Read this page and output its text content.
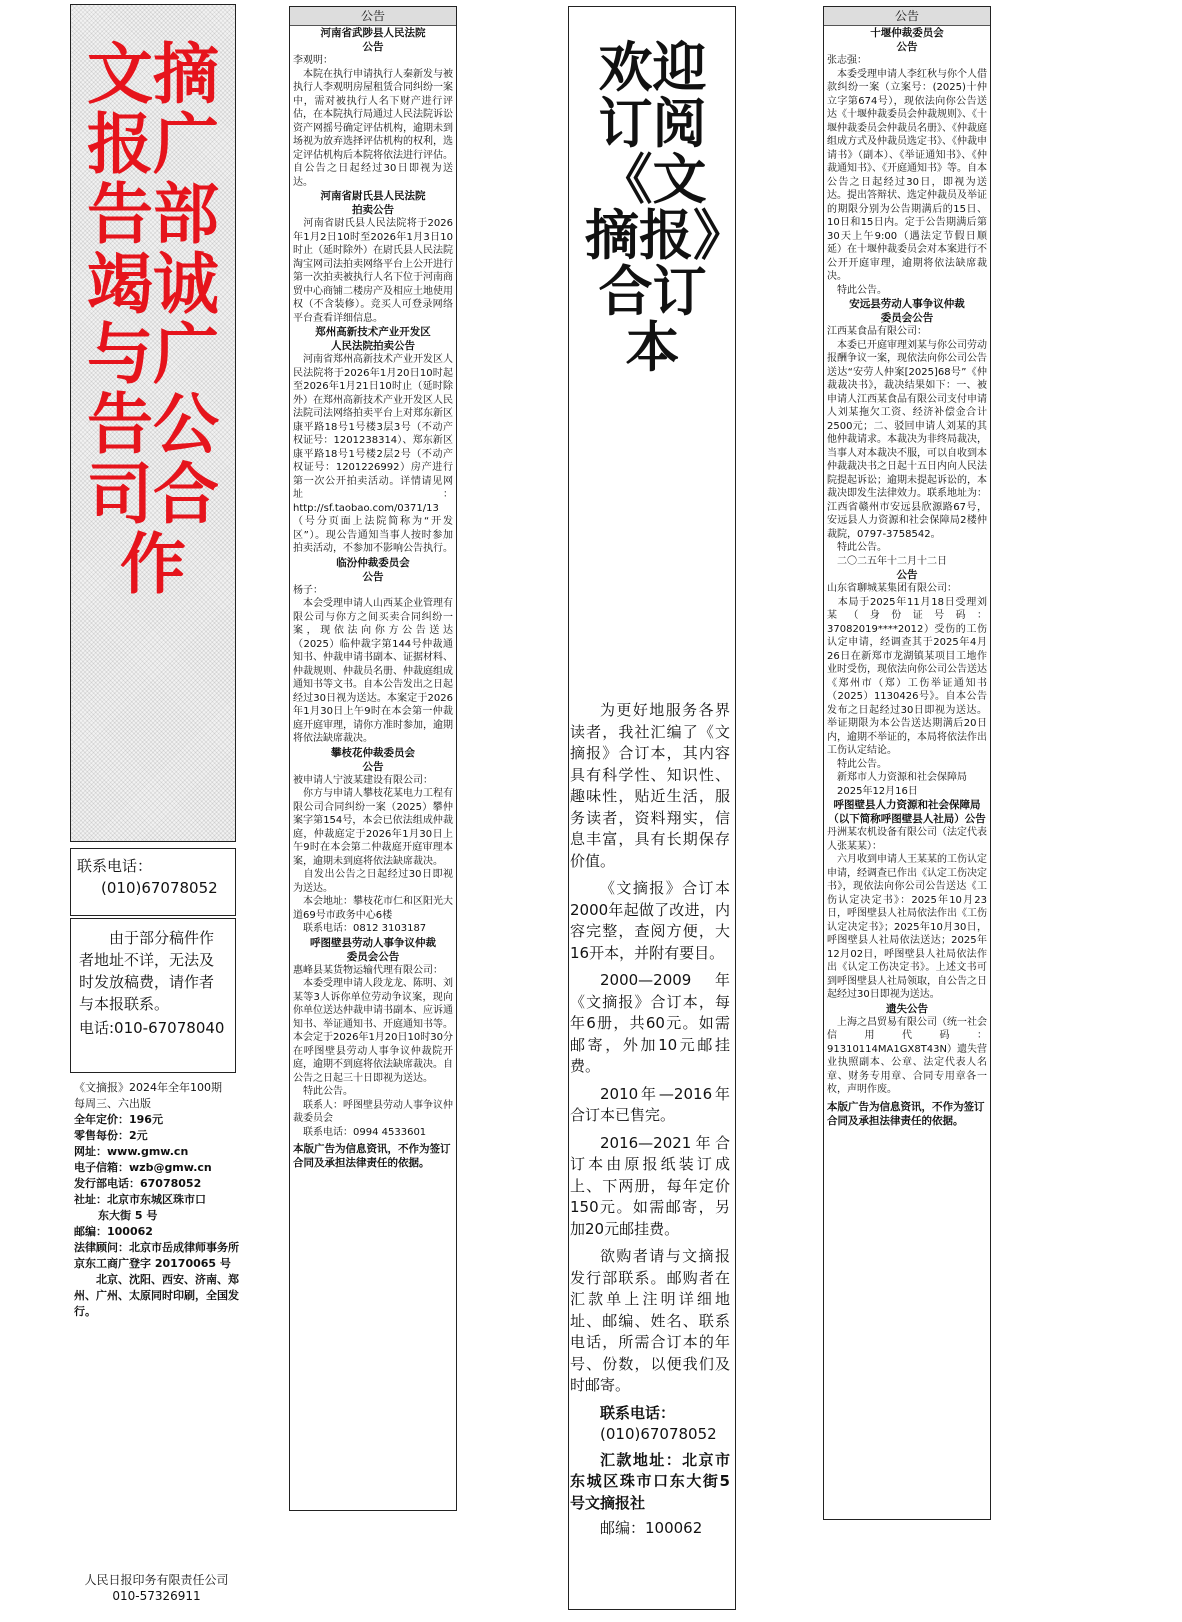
文摘报广告部竭诚与广告公司合作
联系电话：
(010)67078052
由于部分稿件作者地址不详，无法及时发放稿费，请作者与本报联系。
电话:010-67078040
《文摘报》2024年全年100期
每周三、六出版
全年定价：196元
零售每份：2元
网址：www.gmw.cn
电子信箱：wzb@gmw.cn
发行部电话：67078052
社址：北京市东城区珠市口
东大街 5 号
邮编：100062
法律顾问：北京市岳成律师事务所
京东工商广登字 20170065 号
北京、沈阳、西安、济南、郑州、广州、太原同时印刷，全国发行。
人民日报印务有限责任公司
010-57326911
公告
河南省武陟县人民法院
公告
李观明：
　本院在执行申请执行人秦新发与被执行人李观明房屋租赁合同纠纷一案中，需对被执行人名下财产进行评估，在本院执行局通过人民法院诉讼资产网摇号确定评估机构，逾期未到场视为放弃选择评估机构的权利，选定评估机构后本院将依法进行评估。自公告之日起经过30日即视为送达。
河南省尉氏县人民法院
拍卖公告
　河南省尉氏县人民法院将于2026年1月2日10时至2026年1月3日10时止（延时除外）在尉氏县人民法院淘宝网司法拍卖网络平台上公开进行第一次拍卖被执行人名下位于河南商贸中心商铺二楼房产及相应土地使用权（不含装修）。竞买人可登录网络平台查看详细信息。
郑州高新技术产业开发区
人民法院拍卖公告
　河南省郑州高新技术产业开发区人民法院将于2026年1月20日10时起至2026年1月21日10时止（延时除外）在郑州高新技术产业开发区人民法院司法网络拍卖平台上对郑东新区康平路18号1号楼3层3号（不动产权证号：1201238314）、郑东新区康平路18号1号楼2层2号（不动产权证号：1201226992）房产进行第一次公开拍卖活动。详情请见网址：http://sf.taobao.com/0371/13（号分页面上法院简称为“开发区”）。现公告通知当事人按时参加拍卖活动，不参加不影响公告执行。
临汾仲裁委员会
公告
杨子：
　本会受理申请人山西某企业管理有限公司与你方之间买卖合同纠纷一案，现依法向你方公告送达（2025）临仲裁字第144号仲裁通知书、仲裁申请书副本、证据材料、仲裁规则、仲裁员名册、仲裁庭组成通知书等文书。自本公告发出之日起经过30日视为送达。本案定于2026年1月30日上午9时在本会第一仲裁庭开庭审理，请你方准时参加，逾期将依法缺席裁决。
攀枝花仲裁委员会
公告
被申请人宁波某建设有限公司：
　你方与申请人攀枝花某电力工程有限公司合同纠纷一案（2025）攀仲案字第154号，本会已依法组成仲裁庭，仲裁庭定于2026年1月30日上午9时在本会第二仲裁庭开庭审理本案，逾期未到庭将依法缺席裁决。
　自发出公告之日起经过30日即视为送达。
　本会地址：攀枝花市仁和区阳光大道69号市政务中心6楼
　联系电话：0812 3103187
呼图壁县劳动人事争议仲裁
委员会公告
惠峰县某货物运输代理有限公司：
　本委受理申请人段龙龙、陈明、刘某等3人诉你单位劳动争议案，现向你单位送达仲裁申请书副本、应诉通知书、举证通知书、开庭通知书等。本会定于2026年1月20日10时30分在呼图壁县劳动人事争议仲裁院开庭，逾期不到庭将依法缺席裁决。自公告之日起三十日即视为送达。
　特此公告。
　联系人：呼图壁县劳动人事争议仲裁委员会
　联系电话：0994 4533601
本版广告为信息资讯，不作为签订合同及承担法律责任的依据。
欢迎订阅《文摘报》合订本

为更好地服务各界读者，我社汇编了《文摘报》合订本，其内容具有科学性、知识性、趣味性，贴近生活，服务读者，资料翔实，信息丰富，具有长期保存价值。

《文摘报》合订本2000年起做了改进，内容完整，查阅方便，大16开本，并附有要目。

2000—2009年《文摘报》合订本，每年6册，共60元。如需邮寄，外加10元邮挂费。

2010年—2016年合订本已售完。

2016—2021年合订本由原报纸装订成上、下两册，每年定价150元。如需邮寄，另加20元邮挂费。

欲购者请与文摘报发行部联系。邮购者在汇款单上注明详细地址、邮编、姓名、联系电话，所需合订本的年号、份数，以便我们及时邮寄。

联系电话：
(010)67078052
汇款地址：北京市东城区珠市口东大街5号文摘报社
邮编：100062
公告
十堰仲裁委员会
公告
张志强：
　本委受理申请人李红秋与你个人借款纠纷一案（立案号：(2025)十仲立字第674号），现依法向你公告送达《十堰仲裁委员会仲裁规则》、《十堰仲裁委员会仲裁员名册》、《仲裁庭组成方式及仲裁员选定书》、《仲裁申请书》（副本）、《举证通知书》、《仲裁通知书》、《开庭通知书》等。自本公告之日起经过30日，即视为送达。提出答辩状、选定仲裁员及举证的期限分别为公告期满后的15日、10日和15日内。定于公告期满后第30天上午9:00（遇法定节假日顺延）在十堰仲裁委员会对本案进行不公开开庭审理，逾期将依法缺席裁决。
　特此公告。
安远县劳动人事争议仲裁
委员会公告
江西某食品有限公司：
　本委已开庭审理刘某与你公司劳动报酬争议一案，现依法向你公司公告送达“安劳人仲案[2025]68号”《仲裁裁决书》，裁决结果如下：一、被申请人江西某食品有限公司支付申请人刘某拖欠工资、经济补偿金合计2500元；二、驳回申请人刘某的其他仲裁请求。本裁决为非终局裁决，当事人对本裁决不服，可以自收到本仲裁裁决书之日起十五日内向人民法院提起诉讼；逾期未提起诉讼的，本裁决即发生法律效力。联系地址为：江西省赣州市安远县欣源路67号，安远县人力资源和社会保障局2楼仲裁院，0797-3758542。
　特此公告。
　二〇二五年十二月十二日
公告
山东省聊城某集团有限公司：
　本局于2025年11月18日受理刘某（身份证号码：37082019****2012）受伤的工伤认定申请，经调查其于2025年4月26日在新郑市龙湖镇某项目工地作业时受伤，现依法向你公司公告送达《郑州市（郑）工伤举证通知书（2025）1130426号》。自本公告发布之日起经过30日即视为送达。举证期限为本公告送达期满后20日内，逾期不举证的，本局将依法作出工伤认定结论。
　特此公告。
　新郑市人力资源和社会保障局
　2025年12月16日
呼图壁县人力资源和社会保障局
（以下简称呼图壁县人社局）公告
丹洲某农机设备有限公司（法定代表人张某某）：
　六月收到申请人王某某的工伤认定申请，经调查已作出《认定工伤决定书》，现依法向你公司公告送达《工伤认定决定书》：2025年10月23日，呼图壁县人社局依法作出《工伤认定决定书》；2025年10月30日，呼图壁县人社局依法送达；2025年12月02日，呼图壁县人社局依法作出《认定工伤决定书》。上述文书可到呼图壁县人社局领取，自公告之日起经过30日即视为送达。
遗失公告
　上海之昌贸易有限公司（统一社会信用代码：91310114MA1GX8T43N）遗失营业执照副本、公章、法定代表人名章、财务专用章、合同专用章各一枚，声明作废。
本版广告为信息资讯，不作为签订合同及承担法律责任的依据。
